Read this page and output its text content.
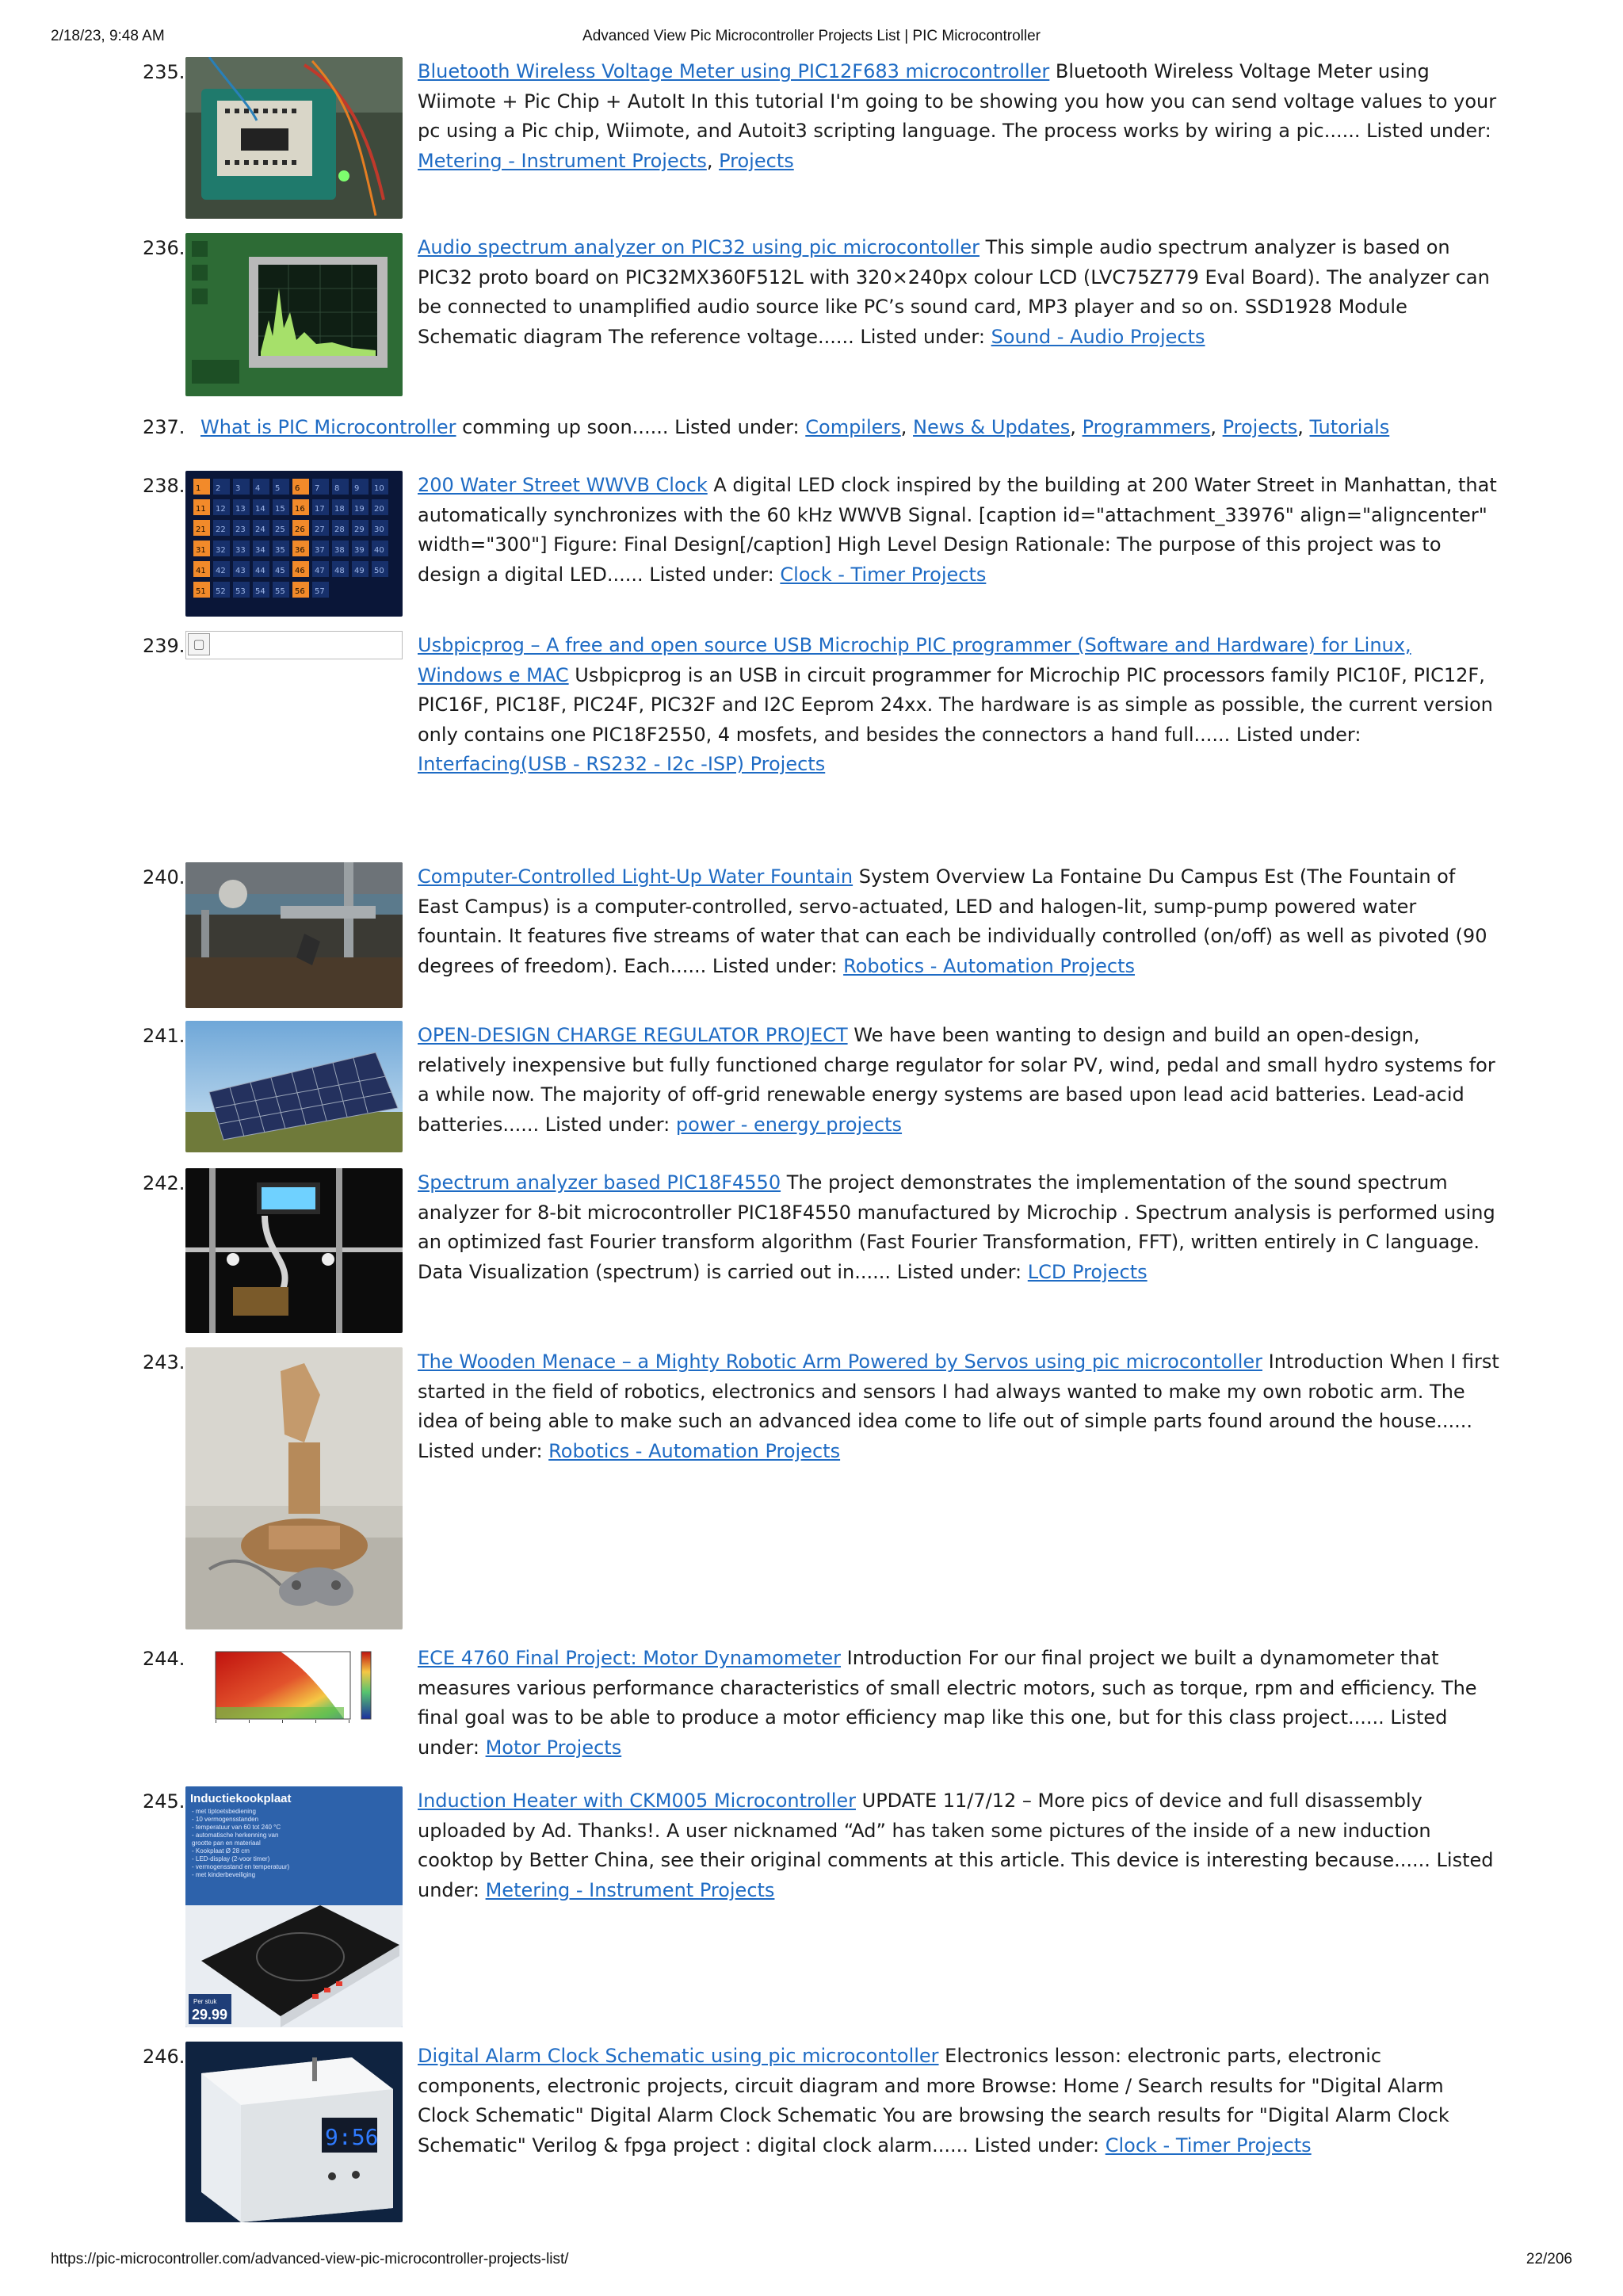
2/18/23, 9:48 AM	Advanced View Pic Microcontroller Projects List | PIC Microcontroller
235.	Bluetooth Wireless Voltage Meter using PIC12F683 microcontroller Bluetooth Wireless Voltage Meter using Wiimote + Pic Chip + AutoIt In this tutorial I'm going to be showing you how you can send voltage values to your pc using a Pic chip, Wiimote, and Autoit3 scripting language. The process works by wiring a pic...... Listed under: Metering - Instrument Projects, Projects

236.	Audio spectrum analyzer on PIC32 using pic microcontoller This simple audio spectrum analyzer is based on PIC32 proto board on PIC32MX360F512L with 320×240px colour LCD (LVC75Z779 Eval Board). The analyzer can be connected to unamplified audio source like PC’s sound card, MP3 player and so on. SSD1928 Module Schematic diagram The reference voltage...... Listed under: Sound - Audio Projects

237. What is PIC Microcontroller comming up soon...... Listed under: Compilers, News & Updates, Programmers, Projects, Tutorials

238. 1 2 3 4 5 6 7 8 9 10
11 12 13 14 15 16 17 18 19 20
21 22 23 24 25 26 27 28 29 30
31 32 33 34 35 36 37 38 39 40
41 42 43 44 45 46 47 48 49 50
51 52 53 54 55 56 57

200 Water Street WWVB Clock A digital LED clock inspired by the building at 200 Water Street in Manhattan, that automatically synchronizes with the 60 kHz WWVB Signal. [caption id="attachment_33976" align="aligncenter" width="300"] Figure: Final Design[/caption] High Level Design Rationale: The purpose of this project was to design a digital LED...... Listed under: Clock - Timer Projects

239. ▢	Usbpicprog – A free and open source USB Microchip PIC programmer (Software and Hardware) for Linux, Windows e MAC Usbpicprog is an USB in circuit programmer for Microchip PIC processors family PIC10F, PIC12F, PIC16F, PIC18F, PIC24F, PIC32F and I2C Eeprom 24xx. The hardware is as simple as possible, the current version only contains one PIC18F2550, 4 mosfets, and besides the connectors a hand full...... Listed under: Interfacing(USB - RS232 - I2c -ISP) Projects

240.	Computer-Controlled Light-Up Water Fountain System Overview La Fontaine Du Campus Est (The Fountain of East Campus) is a computer-controlled, servo-actuated, LED and halogen-lit, sump-pump powered water fountain. It features five streams of water that can each be individually controlled (on/off) as well as pivoted (90 degrees of freedom). Each...... Listed under: Robotics - Automation Projects

241.	OPEN-DESIGN CHARGE REGULATOR PROJECT We have been wanting to design and build an open-design, relatively inexpensive but fully functioned charge regulator for solar PV, wind, pedal and small hydro systems for a while now. The majority of off-grid renewable energy systems are based upon lead acid batteries. Lead-acid batteries...... Listed under: power - energy projects

242.	Spectrum analyzer based PIC18F4550 The project demonstrates the implementation of the sound spectrum analyzer for 8-bit microcontroller PIC18F4550 manufactured by Microchip . Spectrum analysis is performed using an optimized fast Fourier transform algorithm (Fast Fourier Transformation, FFT), written entirely in C language. Data Visualization (spectrum) is carried out in...... Listed under: LCD Projects

243.	The Wooden Menace – a Mighty Robotic Arm Powered by Servos using pic microcontoller Introduction When I first started in the field of robotics, electronics and sensors I had always wanted to make my own robotic arm. The idea of being able to make such an advanced idea come to life out of simple parts found around the house...... Listed under: Robotics - Automation Projects

244.	ECE 4760 Final Project: Motor Dynamometer Introduction For our final project we built a dynamometer that measures various performance characteristics of small electric motors, such as torque, rpm and efficiency. The final goal was to be able to produce a motor efficiency map like this one, but for this class project...... Listed under: Motor Projects

245. Inductiekookplaat
- met tiptoetsbediening
- 10 vermogensstanden
- temperatuur van 60 tot 240 °C
- automatische herkenning van
grootte pan en materiaal
- Kookplaat Ø 28 cm
- LED-display (2-voor timer)
- vermogensstand en temperatuur)
- met kinderbeveiliging
Per stuk
29.99

Induction Heater with CKM005 Microcontroller UPDATE 11/7/12 – More pics of device and full disassembly uploaded by Ad. Thanks!. A user nicknamed “Ad” has taken some pictures of the inside of a new induction cooktop by Better China, see their original comments at this article. This device is interesting because...... Listed under: Metering - Instrument Projects

246.
9:56

Digital Alarm Clock Schematic using pic microcontoller Electronics lesson: electronic parts, electronic components, electronic projects, circuit diagram and more Browse: Home / Search results for "Digital Alarm Clock Schematic" Digital Alarm Clock Schematic You are browsing the search results for "Digital Alarm Clock Schematic" Verilog & fpga project : digital clock alarm...... Listed under: Clock - Timer Projects

https://pic-microcontroller.com/advanced-view-pic-microcontroller-projects-list/	22/206
